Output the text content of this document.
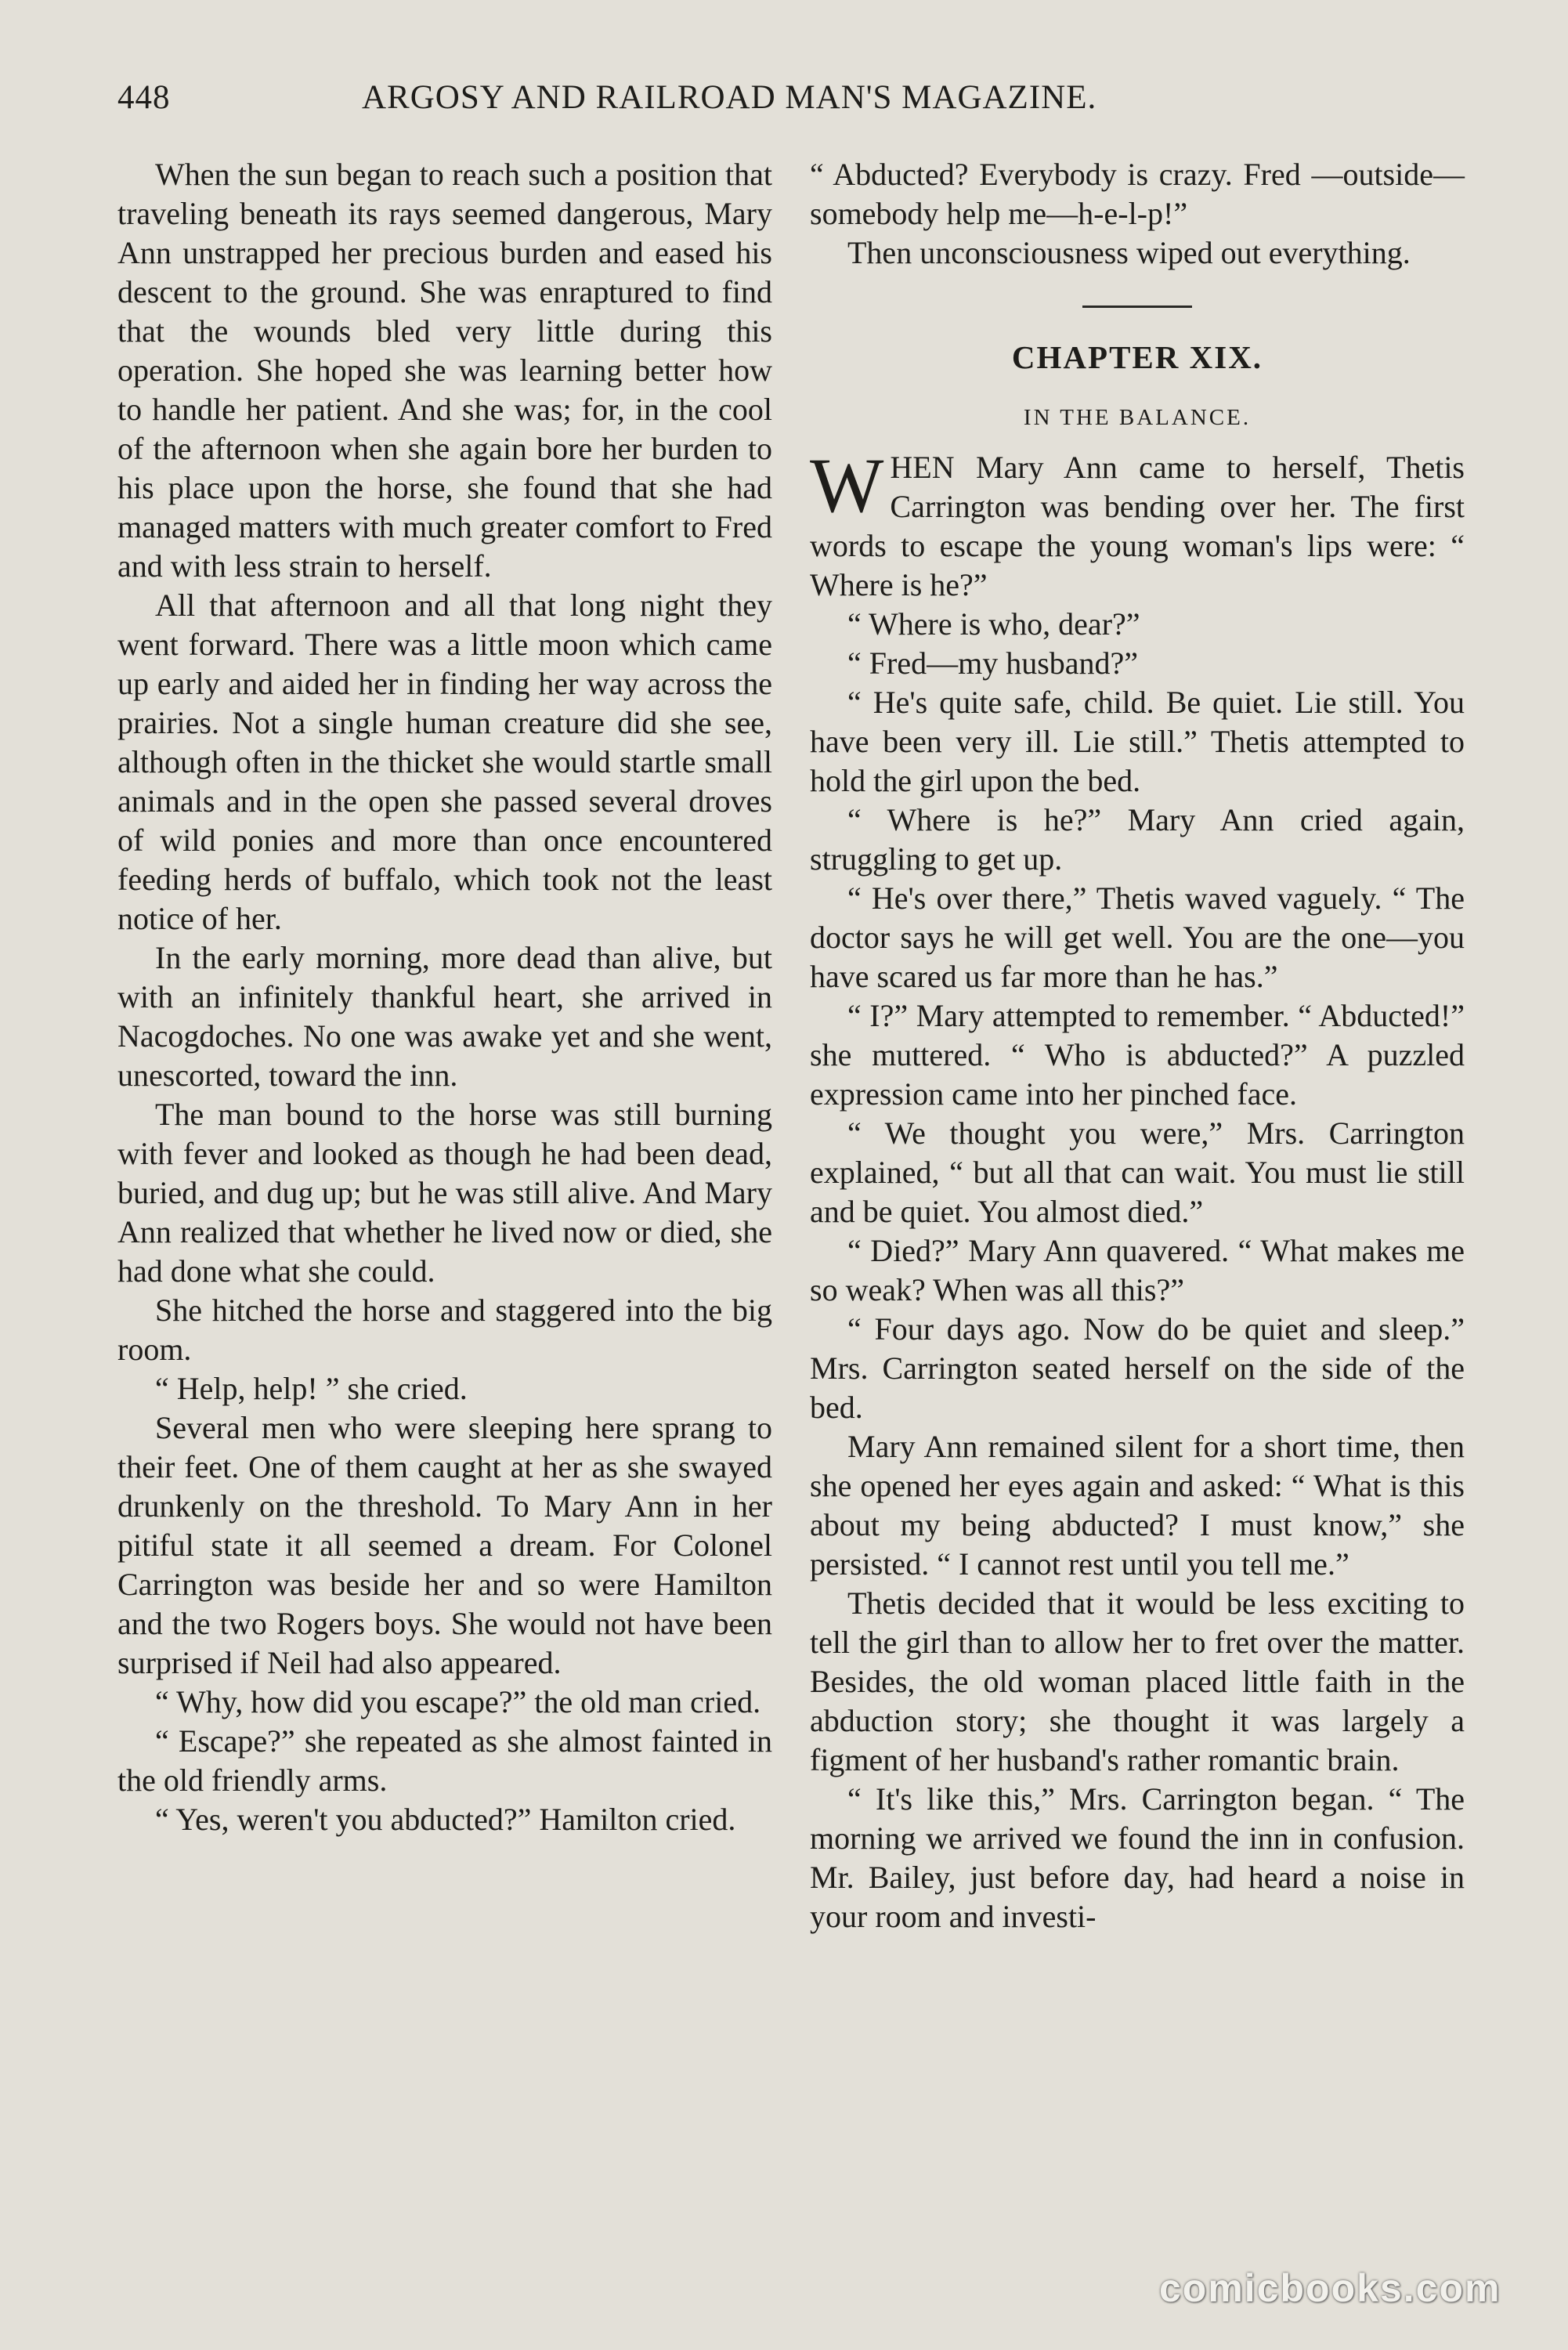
448	ARGOSY AND RAILROAD MAN'S MAGAZINE.

When the sun began to reach such a position that traveling beneath its rays seemed dangerous, Mary Ann unstrapped her precious burden and eased his descent to the ground. She was enraptured to find that the wounds bled very little during this operation. She hoped she was learning better how to handle her patient. And she was; for, in the cool of the afternoon when she again bore her burden to his place upon the horse, she found that she had managed matters with much greater comfort to Fred and with less strain to herself.

All that afternoon and all that long night they went forward. There was a little moon which came up early and aided her in finding her way across the prairies. Not a single human creature did she see, although often in the thicket she would startle small animals and in the open she passed several droves of wild ponies and more than once encountered feeding herds of buffalo, which took not the least notice of her.

In the early morning, more dead than alive, but with an infinitely thankful heart, she arrived in Nacogdoches. No one was awake yet and she went, unescorted, toward the inn.

The man bound to the horse was still burning with fever and looked as though he had been dead, buried, and dug up; but he was still alive. And Mary Ann realized that whether he lived now or died, she had done what she could.

She hitched the horse and staggered into the big room.

“ Help, help! ” she cried.

Several men who were sleeping here sprang to their feet. One of them caught at her as she swayed drunkenly on the threshold. To Mary Ann in her pitiful state it all seemed a dream. For Colonel Carrington was beside her and so were Hamilton and the two Rogers boys. She would not have been surprised if Neil had also appeared.

“ Why, how did you escape?” the old man cried.

“ Escape?” she repeated as she almost fainted in the old friendly arms.

“ Yes, weren't you abducted?” Hamilton cried.

“ Abducted? Everybody is crazy. Fred —outside—somebody help me—h-e-l-p!”

Then unconsciousness wiped out everything.

CHAPTER XIX.
IN THE BALANCE.

WHEN Mary Ann came to herself, Thetis Carrington was bending over her. The first words to escape the young woman's lips were: “ Where is he?”

“ Where is who, dear?”

“ Fred—my husband?”

“ He's quite safe, child. Be quiet. Lie still. You have been very ill. Lie still.” Thetis attempted to hold the girl upon the bed.

“ Where is he?” Mary Ann cried again, struggling to get up.

“ He's over there,” Thetis waved vaguely. “ The doctor says he will get well. You are the one—you have scared us far more than he has.”

“ I?” Mary attempted to remember. “ Abducted!” she muttered. “ Who is abducted?” A puzzled expression came into her pinched face.

“ We thought you were,” Mrs. Carrington explained, “ but all that can wait. You must lie still and be quiet. You almost died.”

“ Died?” Mary Ann quavered. “ What makes me so weak? When was all this?”

“ Four days ago. Now do be quiet and sleep.” Mrs. Carrington seated herself on the side of the bed.

Mary Ann remained silent for a short time, then she opened her eyes again and asked: “ What is this about my being abducted? I must know,” she persisted. “ I cannot rest until you tell me.”

Thetis decided that it would be less exciting to tell the girl than to allow her to fret over the matter. Besides, the old woman placed little faith in the abduction story; she thought it was largely a figment of her husband's rather romantic brain.

“ It's like this,” Mrs. Carrington began. “ The morning we arrived we found the inn in confusion. Mr. Bailey, just before day, had heard a noise in your room and investi-

comicbooks.com
